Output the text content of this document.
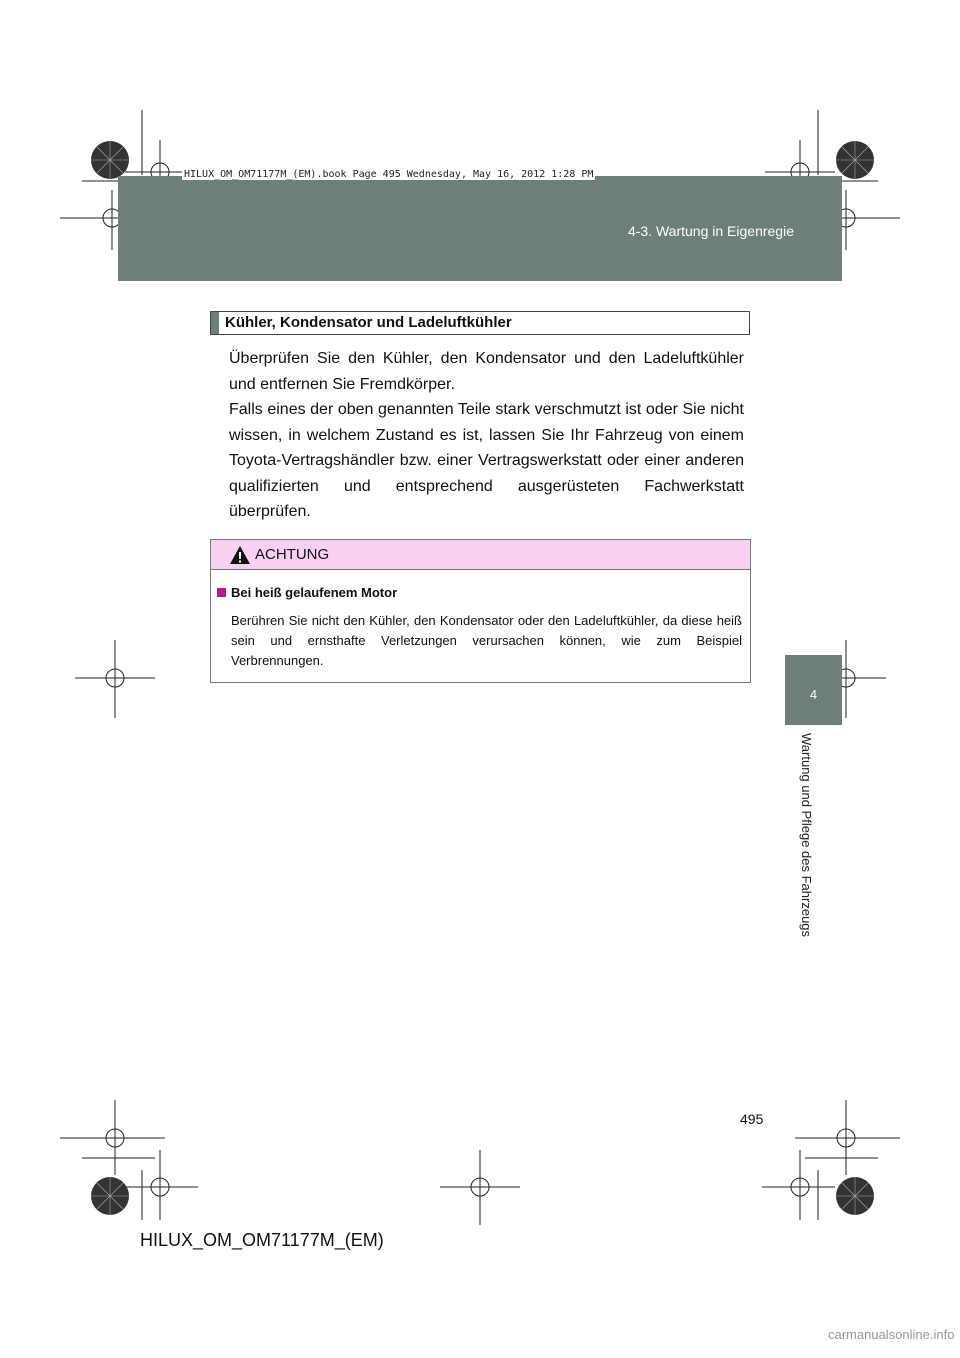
4-3. Wartung in Eigenregie
HILUX_OM_OM71177M_(EM).book Page 495 Wednesday, May 16, 2012 1:28 PM
4
Wartung und Pflege des Fahrzeugs
Kühler, Kondensator und Ladeluftkühler

Überprüfen Sie den Kühler, den Kondensator und den Ladeluftkühler und entfernen Sie Fremdkörper.

Falls eines der oben genannten Teile stark verschmutzt ist oder Sie nicht wissen, in welchem Zustand es ist, lassen Sie Ihr Fahrzeug von einem Toyota-Vertragshändler bzw. einer Vertragswerkstatt oder einer anderen qualifizierten und entsprechend ausgerüsteten Fachwerkstatt überprüfen.

ACHTUNG
Bei heiß gelaufenem Motor
Berühren Sie nicht den Kühler, den Kondensator oder den Ladeluftkühler, da diese heiß sein und ernsthafte Verletzungen verursachen können, wie zum Beispiel Verbrennungen.
495
HILUX_OM_OM71177M_(EM)
carmanualsonline.info
